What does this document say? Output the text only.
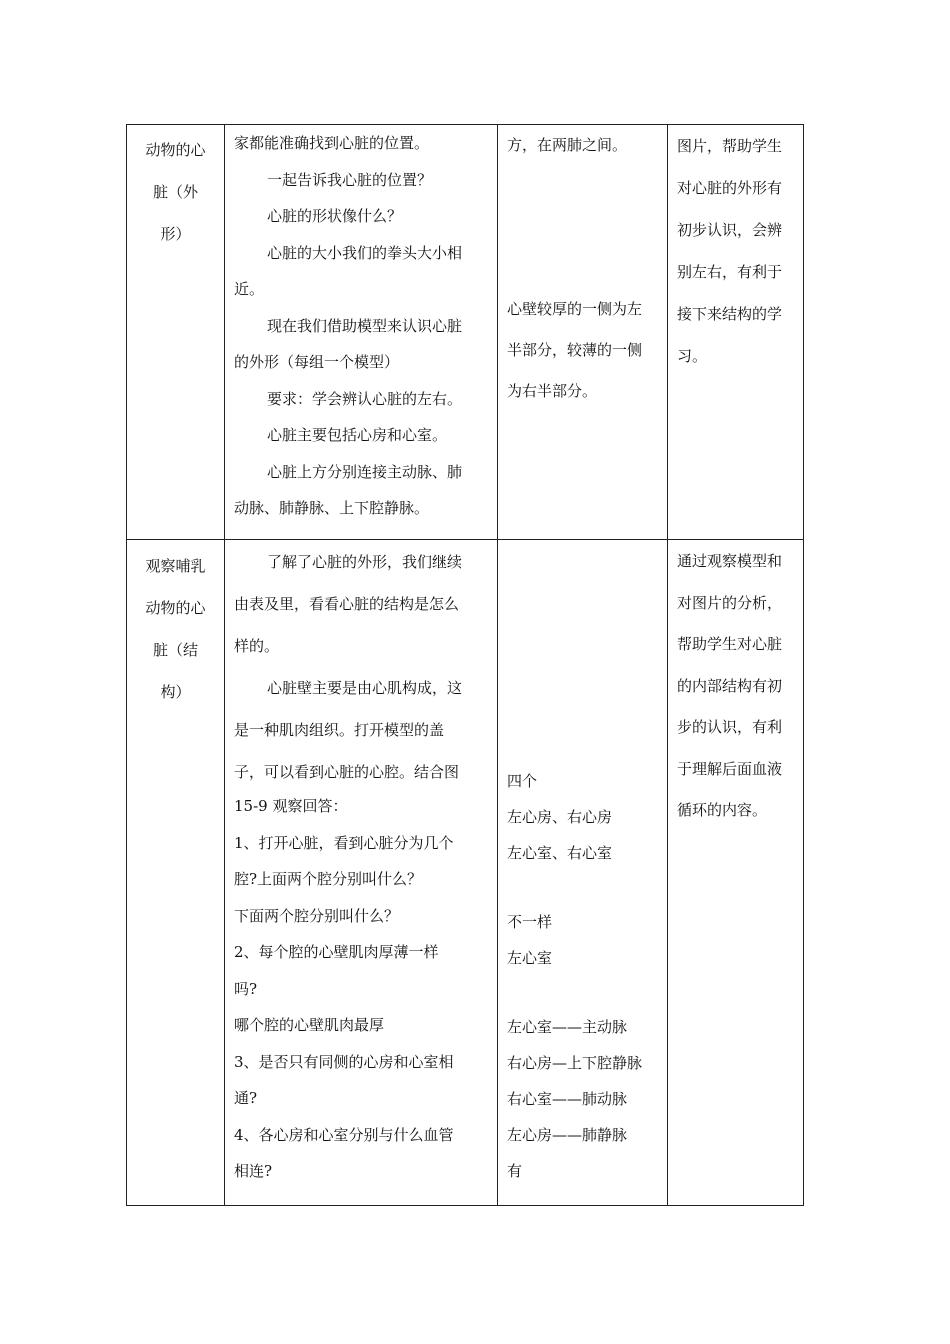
动物的心
脏（外
形）
家都能准确找到心脏的位置。
一起告诉我心脏的位置？
心脏的形状像什么？
心脏的大小我们的拳头大小相
近。
现在我们借助模型来认识心脏
的外形（每组一个模型）
要求：学会辨认心脏的左右。
心脏主要包括心房和心室。
心脏上方分别连接主动脉、肺
动脉、肺静脉、上下腔静脉。
方，在两肺之间。
心壁较厚的一侧为左
半部分，较薄的一侧
为右半部分。
图片，帮助学生
对心脏的外形有
初步认识，会辨
别左右，有利于
接下来结构的学
习。
观察哺乳
动物的心
脏（结
构）
了解了心脏的外形，我们继续
由表及里，看看心脏的结构是怎么
样的。
心脏壁主要是由心肌构成，这
是一种肌肉组织。打开模型的盖
子，可以看到心脏的心腔。结合图
15-9 观察回答：
1、打开心脏，看到心脏分为几个
腔?上面两个腔分别叫什么？
下面两个腔分别叫什么？
2、每个腔的心壁肌肉厚薄一样
吗?
哪个腔的心壁肌肉最厚
3、是否只有同侧的心房和心室相
通?
4、各心房和心室分别与什么血管
相连?
四个
左心房、右心房
左心室、右心室
不一样
左心室
左心室——主动脉
右心房—上下腔静脉
右心室——肺动脉
左心房——肺静脉
有
通过观察模型和
对图片的分析，
帮助学生对心脏
的内部结构有初
步的认识，有利
于理解后面血液
循环的内容。
